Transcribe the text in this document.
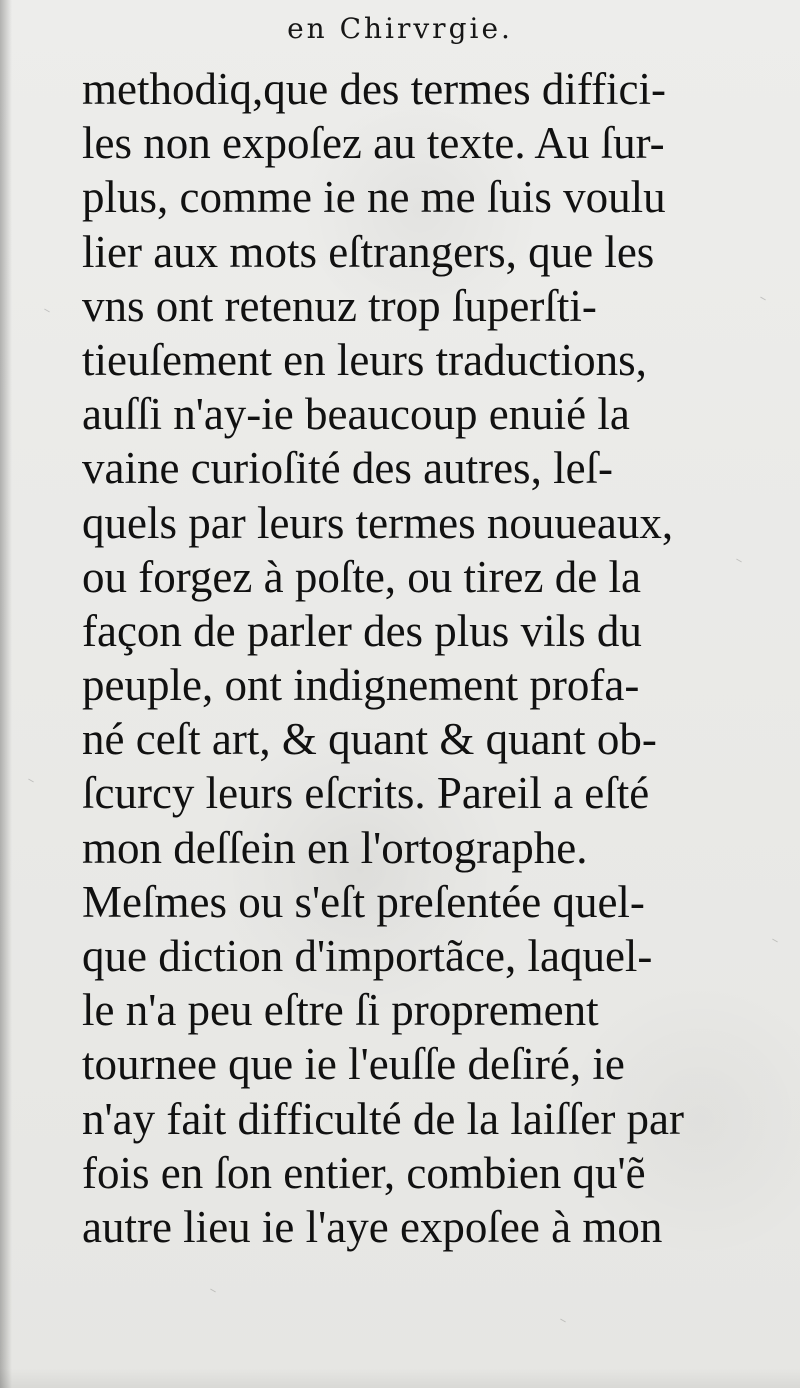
en Chirvrgie.
methodiq,que des termes diffici-
les non expoſez au texte. Au ſur-
plus, comme ie ne me ſuis voulu
lier aux mots eſtrangers, que les
vns ont retenuz trop ſuperſti-
tieuſement en leurs traductions,
auſſi n'ay-ie beaucoup enuié la
vaine curioſité des autres, leſ-
quels par leurs termes nouueaux,
ou forgez à poſte, ou tirez de la
façon de parler des plus vils du
peuple, ont indignement profa-
né ceſt art, & quant & quant ob-
ſcurcy leurs eſcrits. Pareil a eſté
mon deſſein en l'ortographe.
Meſmes ou s'eſt preſentée quel-
que diction d'importãce, laquel-
le n'a peu eſtre ſi proprement
tournee que ie l'euſſe deſiré, ie
n'ay fait difficulté de la laiſſer par
fois en ſon entier, combien qu'ẽ
autre lieu ie l'aye expoſee à mon
